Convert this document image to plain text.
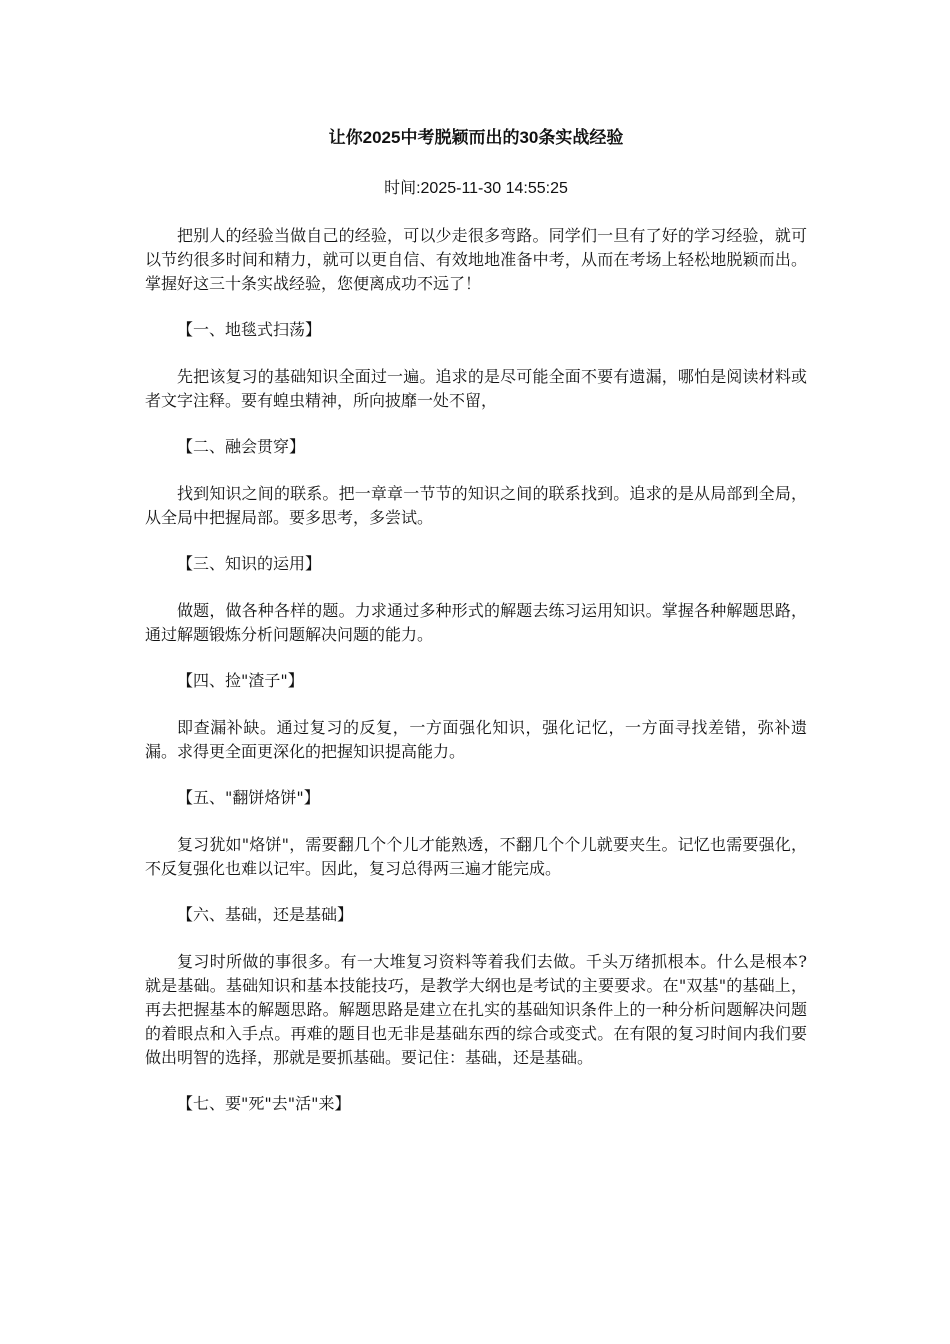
让你2025中考脱颖而出的30条实战经验
时间:2025-11-30 14:55:25

把别人的经验当做自己的经验，可以少走很多弯路。同学们一旦有了好的学习经验，就可以节约很多时间和精力，就可以更自信、有效地地准备中考，从而在考场上轻松地脱颖而出。掌握好这三十条实战经验，您便离成功不远了！

【一、地毯式扫荡】

先把该复习的基础知识全面过一遍。追求的是尽可能全面不要有遗漏，哪怕是阅读材料或者文字注释。要有蝗虫精神，所向披靡一处不留，

【二、融会贯穿】

找到知识之间的联系。把一章章一节节的知识之间的联系找到。追求的是从局部到全局，从全局中把握局部。要多思考，多尝试。

【三、知识的运用】

做题，做各种各样的题。力求通过多种形式的解题去练习运用知识。掌握各种解题思路，通过解题锻炼分析问题解决问题的能力。

【四、捡"渣子"】

即查漏补缺。通过复习的反复，一方面强化知识，强化记忆，一方面寻找差错，弥补遗漏。求得更全面更深化的把握知识提高能力。

【五、"翻饼烙饼"】

复习犹如"烙饼"，需要翻几个个儿才能熟透，不翻几个个儿就要夹生。记忆也需要强化，不反复强化也难以记牢。因此，复习总得两三遍才能完成。

【六、基础，还是基础】

复习时所做的事很多。有一大堆复习资料等着我们去做。千头万绪抓根本。什么是根本?就是基础。基础知识和基本技能技巧，是教学大纲也是考试的主要要求。在"双基"的基础上，再去把握基本的解题思路。解题思路是建立在扎实的基础知识条件上的一种分析问题解决问题的着眼点和入手点。再难的题目也无非是基础东西的综合或变式。在有限的复习时间内我们要做出明智的选择，那就是要抓基础。要记住：基础，还是基础。

【七、要"死"去"活"来】
